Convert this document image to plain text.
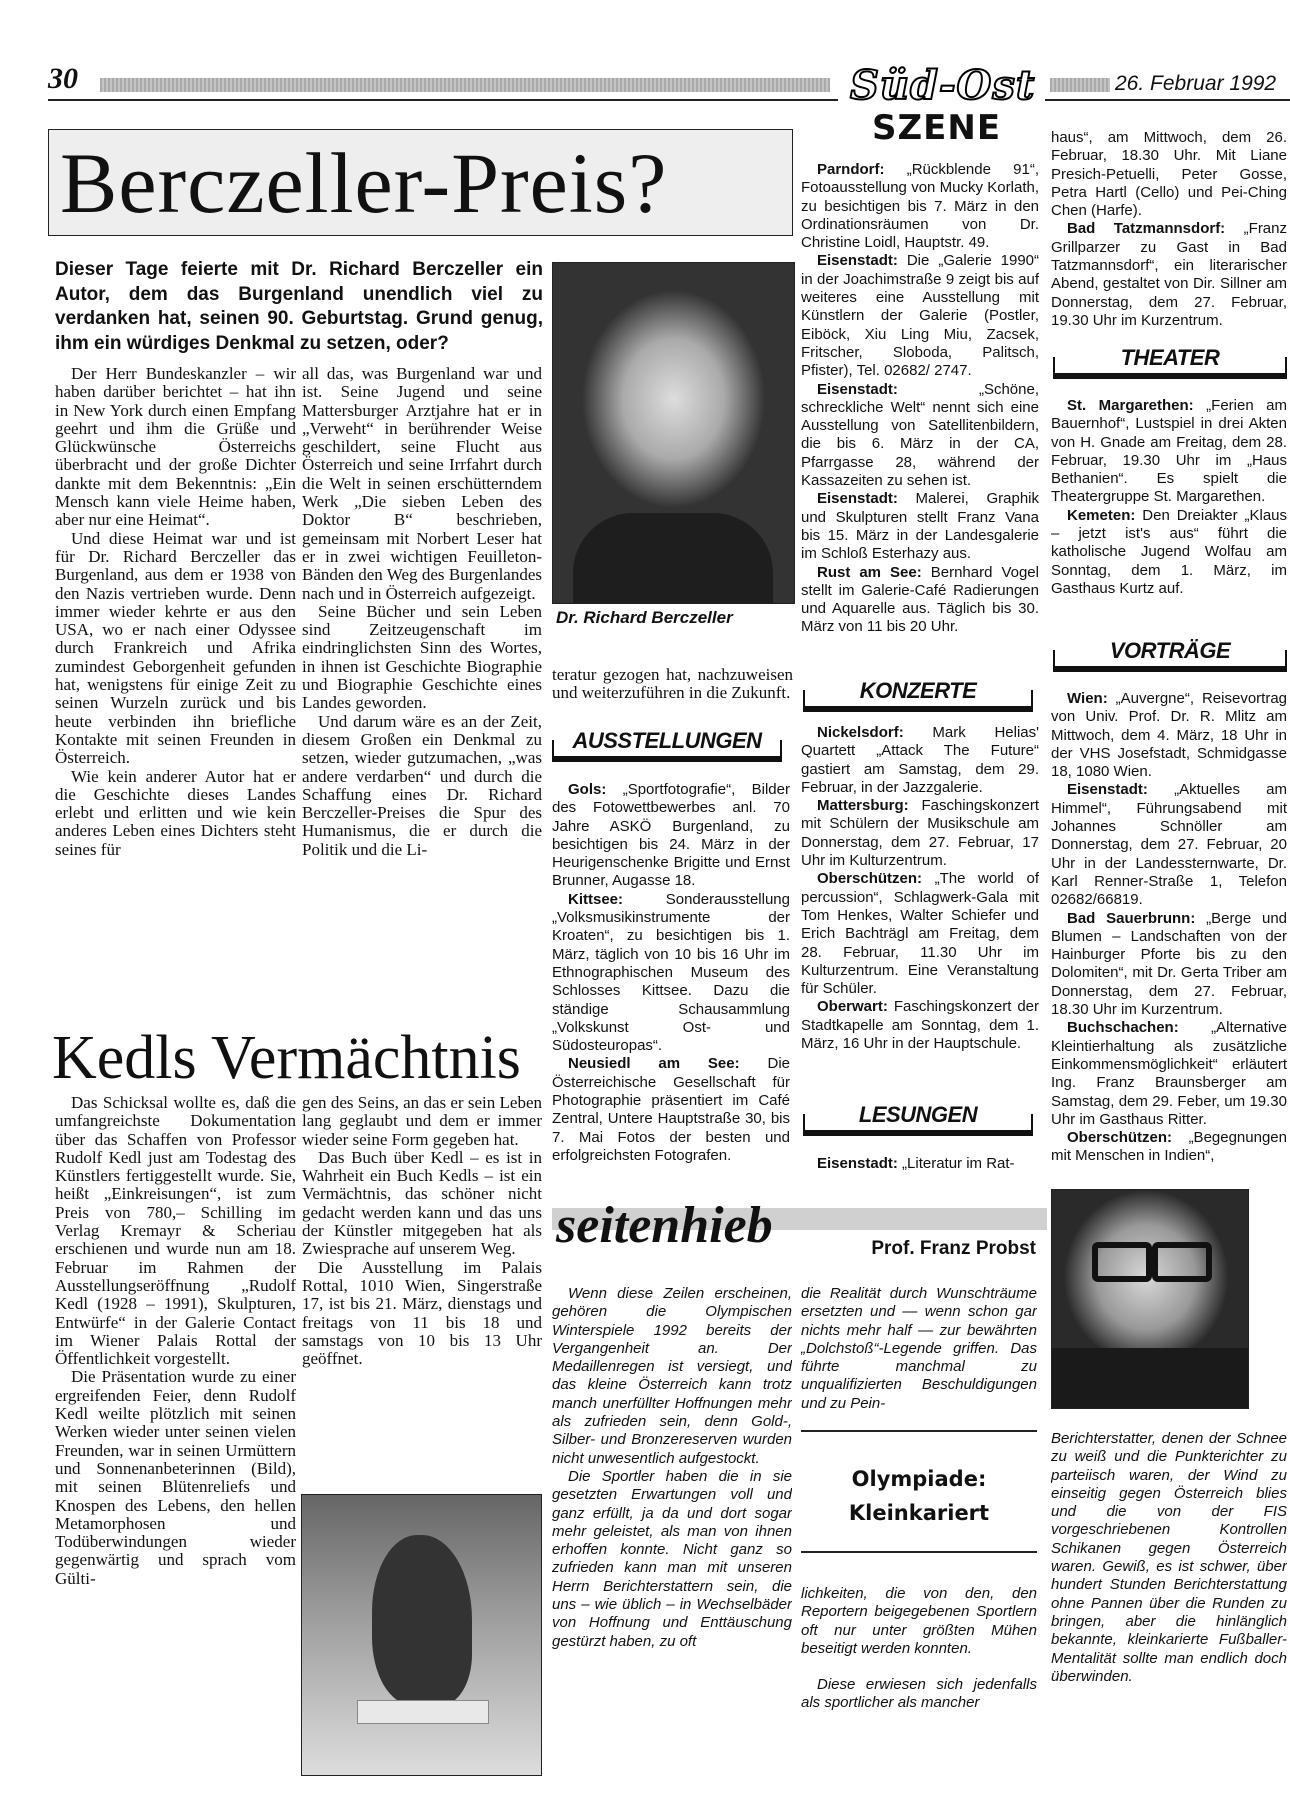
30	26. Februar 1992
Süd-Ost
SZENE
Berczeller-Preis?
Dieser Tage feierte mit Dr. Richard Berczeller ein Autor, dem das Burgenland unendlich viel zu verdanken hat, seinen 90. Geburtstag. Grund genug, ihm ein würdiges Denkmal zu setzen, oder?
Dr. Richard Berczeller

Der Herr Bundeskanzler – wir haben darüber berichtet – hat ihn in New York durch einen Empfang geehrt und ihm die Grüße und Glückwünsche Österreichs überbracht und der große Dichter dankte mit dem Bekenntnis: „Ein Mensch kann viele Heime haben, aber nur eine Heimat“.

Und diese Heimat war und ist für Dr. Richard Berczeller das Burgenland, aus dem er 1938 von den Nazis vertrieben wurde. Denn immer wieder kehrte er aus den USA, wo er nach einer Odyssee durch Frankreich und Afrika zumindest Geborgenheit gefunden hat, wenigstens für einige Zeit zu seinen Wurzeln zurück und bis heute verbinden ihn briefliche Kontakte mit seinen Freunden in Österreich.

Wie kein anderer Autor hat er die Geschichte dieses Landes erlebt und erlitten und wie kein anderes Leben eines Dichters steht seines für

all das, was Burgenland war und ist. Seine Jugend und seine Mattersburger Arztjahre hat er in „Verweht“ in berührender Weise geschildert, seine Flucht aus Österreich und seine Irrfahrt durch die Welt in seinen erschütterndem Werk „Die sieben Leben des Doktor B“ beschrieben, gemeinsam mit Norbert Leser hat er in zwei wichtigen Feuilleton-Bänden den Weg des Burgenlandes nach und in Österreich aufgezeigt.

Seine Bücher und sein Leben sind Zeitzeugenschaft im eindringlichsten Sinn des Wortes, in ihnen ist Geschichte Biographie und Biographie Geschichte eines Landes geworden.

Und darum wäre es an der Zeit, diesem Großen ein Denkmal zu setzen, wieder gutzumachen, „was andere verdarben“ und durch die Schaffung eines Dr. Richard Berczeller-Preises die Spur des Humanismus, die er durch die Politik und die Li-

teratur gezogen hat, nachzuweisen und weiterzuführen in die Zukunft.

Kedls Vermächtnis

Das Schicksal wollte es, daß die umfangreichste Dokumentation über das Schaffen von Professor Rudolf Kedl just am Todestag des Künstlers fertiggestellt wurde. Sie, heißt „Einkreisungen“, ist zum Preis von 780,– Schilling im Verlag Kremayr & Scheriau erschienen und wurde nun am 18. Februar im Rahmen der Ausstellungseröffnung „Rudolf Kedl (1928 – 1991), Skulpturen, Entwürfe“ in der Galerie Contact im Wiener Palais Rottal der Öffentlichkeit vorgestellt.

Die Präsentation wurde zu einer ergreifenden Feier, denn Rudolf Kedl weilte plötzlich mit seinen Werken wieder unter seinen vielen Freunden, war in seinen Urmüttern und Sonnenanbeterinnen (Bild), mit seinen Blütenreliefs und Knospen des Lebens, den hellen Metamorphosen und Todüberwindungen wieder gegenwärtig und sprach vom Gülti-

gen des Seins, an das er sein Leben lang geglaubt und dem er immer wieder seine Form gegeben hat.

Das Buch über Kedl – es ist in Wahrheit ein Buch Kedls – ist ein Vermächtnis, das schöner nicht gedacht werden kann und das uns der Künstler mitgegeben hat als Zwiesprache auf unserem Weg.

Die Ausstellung im Palais Rottal, 1010 Wien, Singerstraße 17, ist bis 21. März, dienstags und freitags von 11 bis 18 und samstags von 10 bis 13 Uhr geöffnet.

AUSSTELLUNGEN

Gols: „Sportfotografie“, Bilder des Fotowettbewerbes anl. 70 Jahre ASKÖ Burgenland, zu besichtigen bis 24. März in der Heurigenschenke Brigitte und Ernst Brunner, Augasse 18.

Kittsee:	Sonderausstellung „Volksmusikinstrumente der Kroaten“, zu besichtigen bis 1. März, täglich von 10 bis 16 Uhr im Ethnographischen Museum des Schlosses Kittsee. Dazu die ständige Schausammlung „Volkskunst Ost- und Südosteuropas“.

Neusiedl am See: Die Österreichische Gesellschaft für Photographie präsentiert im Café Zentral, Untere Hauptstraße 30, bis 7. Mai Fotos der besten und erfolgreichsten Fotografen.

Parndorf: „Rückblende 91“, Fotoausstellung von Mucky Korlath, zu besichtigen bis 7. März in den Ordinationsräumen von Dr. Christine Loidl, Hauptstr. 49.

Eisenstadt: Die „Galerie 1990“ in der Joachimstraße 9 zeigt bis auf weiteres eine Ausstellung mit Künstlern der Galerie (Postler, Eiböck, Xiu Ling Miu, Zacsek, Fritscher, Sloboda, Palitsch, Pfister), Tel. 02682/ 2747.

Eisenstadt:	„Schöne, schreckliche Welt“ nennt sich eine Ausstellung von Satellitenbildern, die bis 6. März in der CA, Pfarrgasse 28, während der Kassazeiten zu sehen ist.

Eisenstadt: Malerei, Graphik und Skulpturen stellt Franz Vana bis 15. März in der Landesgalerie im Schloß Esterhazy aus.

Rust am See: Bernhard Vogel stellt im Galerie-Café Radierungen und Aquarelle aus. Täglich bis 30. März von 11 bis 20 Uhr.

KONZERTE

Nickelsdorf: Mark Helias' Quartett „Attack The Future“ gastiert am Samstag, dem 29. Februar, in der Jazzgalerie.

Mattersburg: Faschingskonzert mit Schülern der Musikschule am Donnerstag, dem 27. Februar, 17 Uhr im Kulturzentrum.

Oberschützen: „The world of percussion“, Schlagwerk-Gala mit Tom Henkes, Walter Schiefer und Erich Bachträgl am Freitag, dem 28. Februar, 11.30 Uhr im Kulturzentrum. Eine Veranstaltung für Schüler.

Oberwart: Faschingskonzert der Stadtkapelle am Sonntag, dem 1. März, 16 Uhr in der Hauptschule.

LESUNGEN

Eisenstadt: „Literatur im Rat-

haus“, am Mittwoch, dem 26. Februar, 18.30 Uhr. Mit Liane Presich-Petuelli, Peter Gosse, Petra Hartl (Cello) und Pei-Ching Chen (Harfe).

Bad Tatzmannsdorf: „Franz Grillparzer zu Gast in Bad Tatzmannsdorf“, ein literarischer Abend, gestaltet von Dir. Sillner am Donnerstag, dem 27. Februar, 19.30 Uhr im Kurzentrum.

THEATER

St. Margarethen: „Ferien am Bauernhof“, Lustspiel in drei Akten von H. Gnade am Freitag, dem 28. Februar, 19.30 Uhr im „Haus Bethanien“. Es spielt die Theatergruppe St. Margarethen.

Kemeten: Den Dreiakter „Klaus – jetzt ist's aus“ führt die katholische Jugend Wolfau am Sonntag, dem 1. März, im Gasthaus Kurtz auf.

VORTRÄGE

Wien: „Auvergne“, Reisevortrag von Univ. Prof. Dr. R. Mlitz am Mittwoch, dem 4. März, 18 Uhr in der VHS Josefstadt, Schmidgasse 18, 1080 Wien.

Eisenstadt: „Aktuelles am Himmel“, Führungsabend mit Johannes Schnöller am Donnerstag, dem 27. Februar, 20 Uhr in der Landessternwarte, Dr. Karl Renner-Straße 1, Telefon 02682/66819.

Bad Sauerbrunn: „Berge und Blumen – Landschaften von der Hainburger Pforte bis zu den Dolomiten“, mit Dr. Gerta Triber am Donnerstag, dem 27. Februar, 18.30 Uhr im Kurzentrum.

Buchschachen: „Alternative Kleintierhaltung als zusätzliche Einkommensmöglichkeit“ erläutert Ing. Franz Braunsberger am Samstag, dem 29. Feber, um 19.30 Uhr im Gasthaus Ritter.

Oberschützen: „Begegnungen mit Menschen in Indien“,

seitenhieb	Prof. Franz Probst

Wenn diese Zeilen erscheinen, gehören die Olympischen Winterspiele 1992 bereits der Vergangenheit an. Der Medaillenregen ist versiegt, und das kleine Österreich kann trotz manch unerfüllter Hoffnungen mehr als zufrieden sein, denn Gold-, Silber- und Bronzereserven wurden nicht unwesentlich aufgestockt.

Die Sportler haben die in sie gesetzten Erwartungen voll und ganz erfüllt, ja da und dort sogar mehr geleistet, als man von ihnen erhoffen konnte. Nicht ganz so zufrieden kann man mit unseren Herrn Berichterstattern sein, die uns – wie üblich – in Wechselbäder von Hoffnung und Enttäuschung gestürzt haben, zu oft

die Realität durch Wunschträume ersetzten und — wenn schon gar nichts mehr half — zur bewährten „Dolchstoß“-Legende griffen. Das führte manchmal zu unqualifizierten Beschuldigungen und zu Pein-

Olympiade:
Kleinkariert

lichkeiten, die von den, den Reportern beigegebenen Sportlern oft nur unter größten Mühen beseitigt werden konnten.

Diese erwiesen sich jedenfalls als sportlicher als mancher

Berichterstatter, denen der Schnee zu weiß und die Punkterichter zu parteiisch waren, der Wind zu einseitig gegen Österreich blies und die von der FIS vorgeschriebenen Kontrollen Schikanen gegen Österreich waren. Gewiß, es ist schwer, über hundert Stunden Berichterstattung ohne Pannen über die Runden zu bringen, aber die hinlänglich bekannte, kleinkarierte Fußballer-Mentalität sollte man endlich doch überwinden.
